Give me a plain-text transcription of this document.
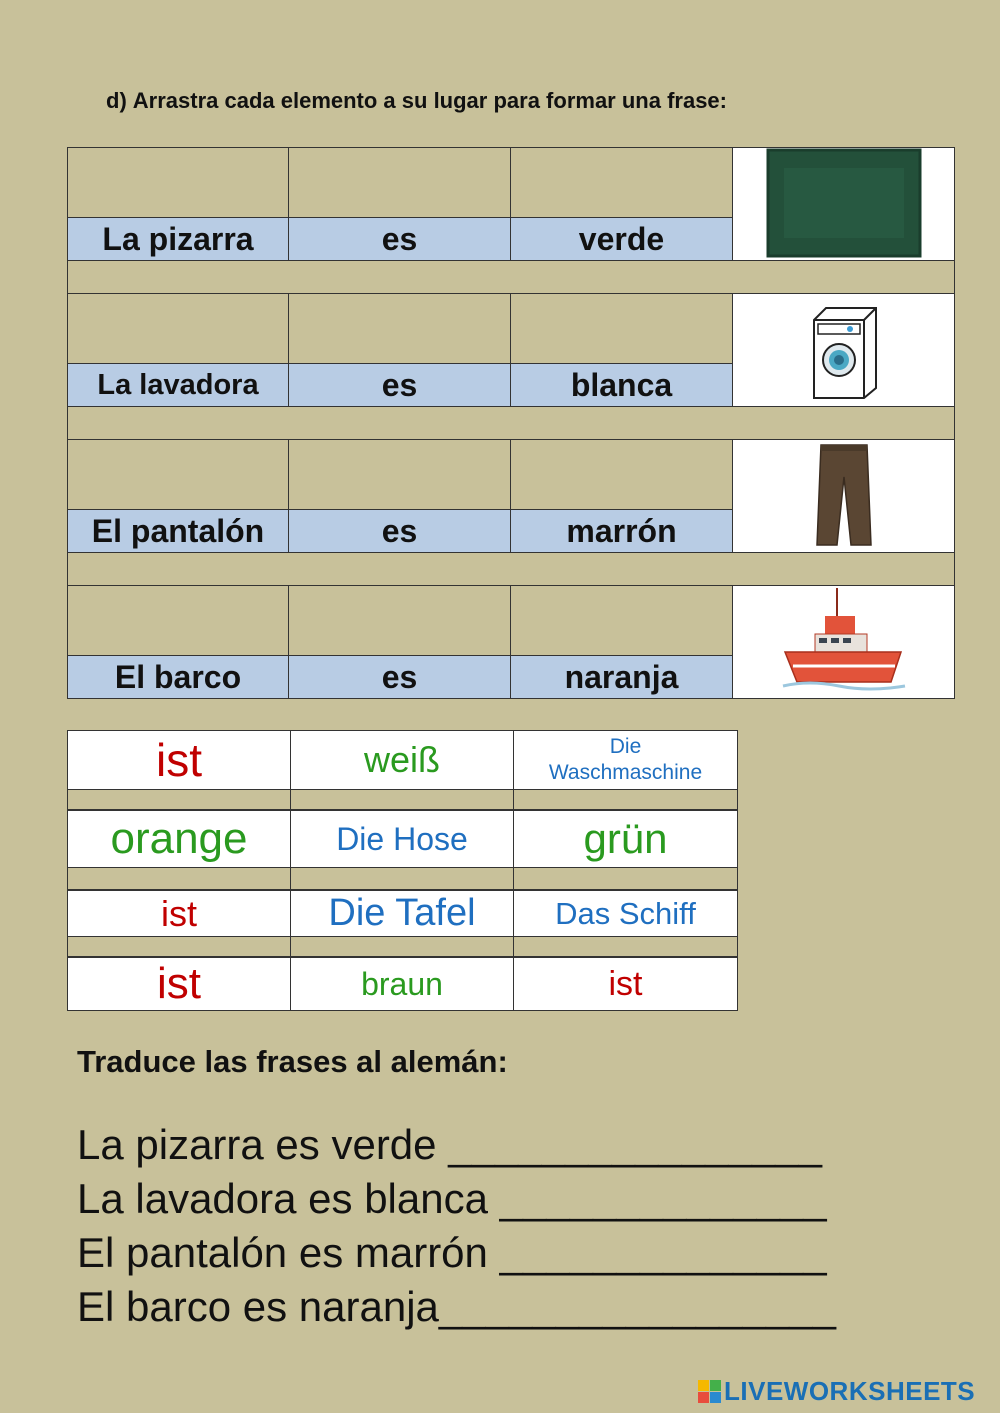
d) Arrastra cada elemento a su lugar para formar una frase:
La pizarra	es	verde
La lavadora	es	blanca
El pantalón	es	marrón
El barco	es	naranja
ist	weiß	Die Waschmaschine
orange	Die Hose	grün
ist	Die Tafel	Das Schiff
ist	braun	ist
Traduce las frases al alemán:
La pizarra es verde ________________
La lavadora es blanca ______________
El pantalón es marrón ______________
El barco es naranja_________________
LIVEWORKSHEETS
